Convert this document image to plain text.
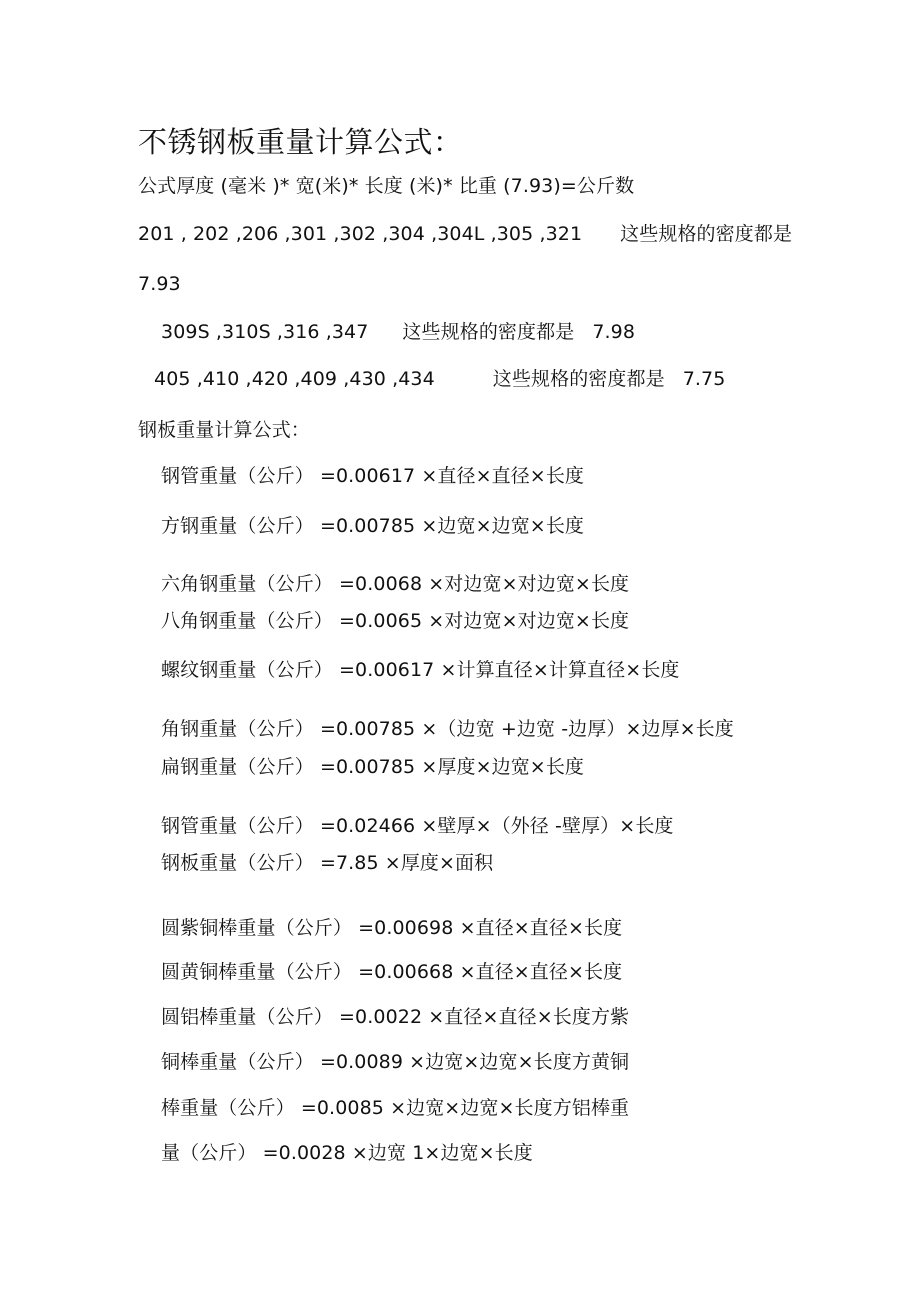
不锈钢板重量计算公式：
公式厚度 (毫米 )* 宽(米)* 长度 (米)* 比重 (7.93)=公斤数
201 , 202 ,206 ,301 ,302 ,304 ,304L ,305 ,321 这些规格的密度都是
7.93
309S ,310S ,316 ,347 这些规格的密度都是 7.98
405 ,410 ,420 ,409 ,430 ,434	这些规格的密度都是 7.75
钢板重量计算公式：
钢管重量（公斤） =0.00617 ×直径×直径×长度
方钢重量（公斤） =0.00785 ×边宽×边宽×长度
六角钢重量（公斤） =0.0068 ×对边宽×对边宽×长度
八角钢重量（公斤） =0.0065 ×对边宽×对边宽×长度
螺纹钢重量（公斤） =0.00617 ×计算直径×计算直径×长度
角钢重量（公斤） =0.00785 ×（边宽 +边宽 -边厚）×边厚×长度
扁钢重量（公斤） =0.00785 ×厚度×边宽×长度
钢管重量（公斤） =0.02466 ×壁厚×（外径 -壁厚）×长度
钢板重量（公斤） =7.85 ×厚度×面积
圆紫铜棒重量（公斤） =0.00698 ×直径×直径×长度
圆黄铜棒重量（公斤） =0.00668 ×直径×直径×长度
圆铝棒重量（公斤） =0.0022 ×直径×直径×长度方紫
铜棒重量（公斤） =0.0089 ×边宽×边宽×长度方黄铜
棒重量（公斤） =0.0085 ×边宽×边宽×长度方铝棒重
量（公斤） =0.0028 ×边宽 1×边宽×长度
